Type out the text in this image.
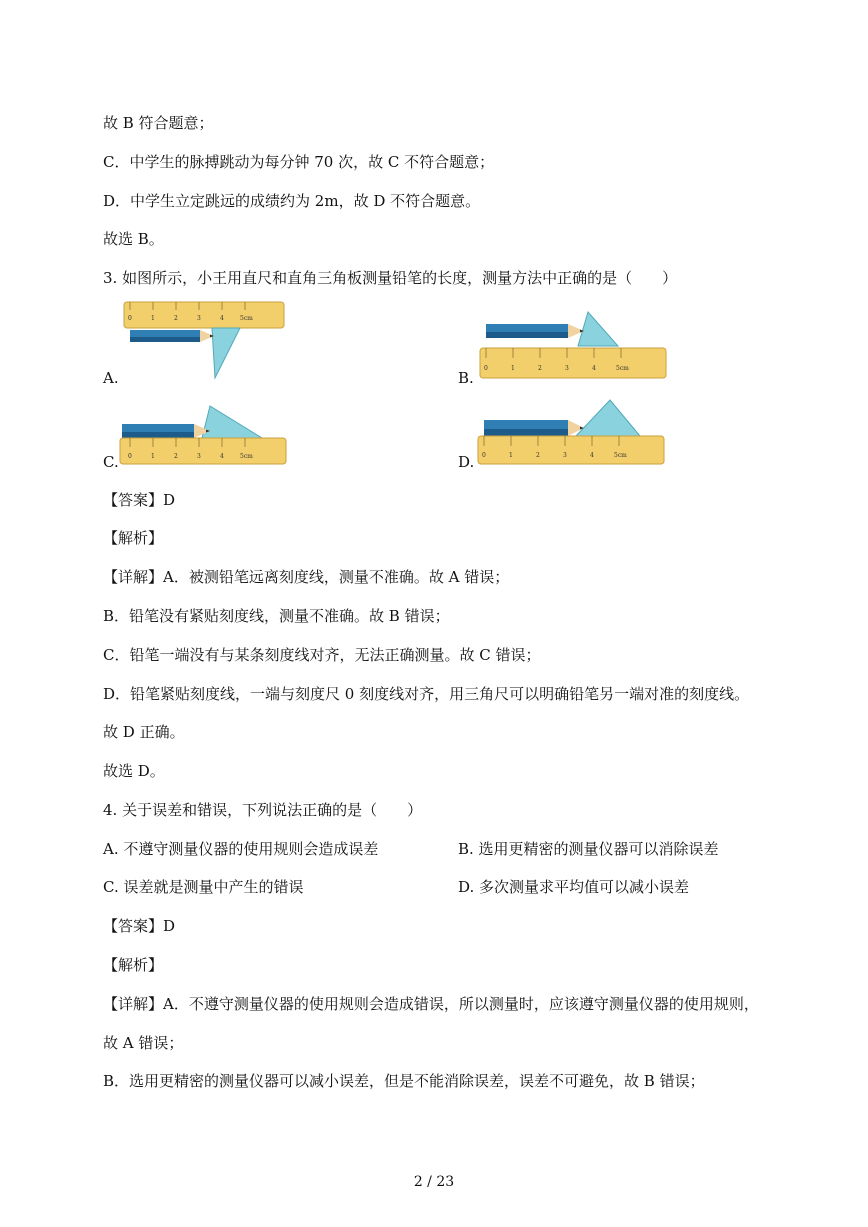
故 B 符合题意；
C．中学生的脉搏跳动为每分钟 70 次，故 C 不符合题意；
D．中学生立定跳远的成绩约为 2m，故 D 不符合题意。
故选 B。
3. 如图所示，小王用直尺和直角三角板测量铅笔的长度，测量方法中正确的是（　　）
0	1	2	3	4	5cm
A.
0	1	2	3	4	5cm
B.
0	1	2	3	4	5cm
C.	0	1	2	3	4	5cm
D.
【答案】D
【解析】
【详解】A．被测铅笔远离刻度线，测量不准确。故 A 错误；
B．铅笔没有紧贴刻度线，测量不准确。故 B 错误；
C．铅笔一端没有与某条刻度线对齐，无法正确测量。故 C 错误；
D．铅笔紧贴刻度线，一端与刻度尺 0 刻度线对齐，用三角尺可以明确铅笔另一端对准的刻度线。
故 D 正确。
故选 D。
4. 关于误差和错误，下列说法正确的是（　　）
A. 不遵守测量仪器的使用规则会造成误差	B. 选用更精密的测量仪器可以消除误差
C. 误差就是测量中产生的错误	D. 多次测量求平均值可以减小误差
【答案】D
【解析】
【详解】A．不遵守测量仪器的使用规则会造成错误，所以测量时，应该遵守测量仪器的使用规则，
故 A 错误；
B．选用更精密的测量仪器可以减小误差，但是不能消除误差，误差不可避免，故 B 错误；
2 / 23
